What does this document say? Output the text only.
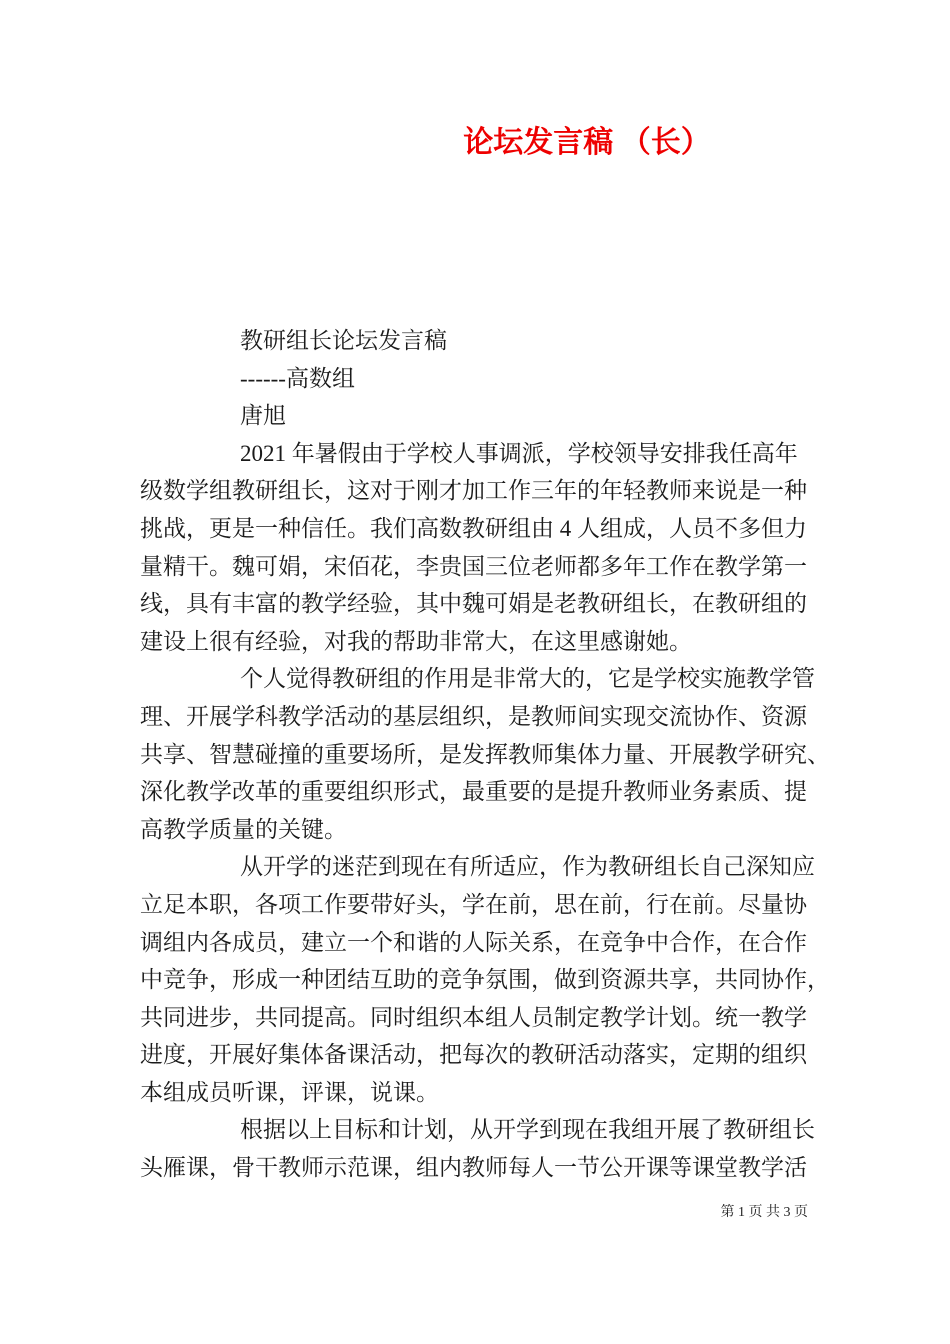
论坛发言稿 （长）
教研组长论坛发言稿
------高数组
唐旭
2021 年暑假由于学校人事调派，学校领导安排我任高年
级数学组教研组长，这对于刚才加工作三年的年轻教师来说是一种
挑战，更是一种信任。我们高数教研组由 4 人组成，人员不多但力
量精干。魏可娟，宋佰花，李贵国三位老师都多年工作在教学第一
线，具有丰富的教学经验，其中魏可娟是老教研组长，在教研组的
建设上很有经验，对我的帮助非常大，在这里感谢她。
个人觉得教研组的作用是非常大的，它是学校实施教学管
理、开展学科教学活动的基层组织，是教师间实现交流协作、资源
共享、智慧碰撞的重要场所，是发挥教师集体力量、开展教学研究、
深化教学改革的重要组织形式，最重要的是提升教师业务素质、提
高教学质量的关键。
从开学的迷茫到现在有所适应，作为教研组长自己深知应
立足本职，各项工作要带好头，学在前，思在前，行在前。尽量协
调组内各成员，建立一个和谐的人际关系，在竞争中合作，在合作
中竞争，形成一种团结互助的竞争氛围，做到资源共享，共同协作，
共同进步，共同提高。同时组织本组人员制定教学计划。统一教学
进度，开展好集体备课活动，把每次的教研活动落实，定期的组织
本组成员听课，评课，说课。
根据以上目标和计划，从开学到现在我组开展了教研组长
头雁课，骨干教师示范课，组内教师每人一节公开课等课堂教学活
第 1 页 共 3 页
